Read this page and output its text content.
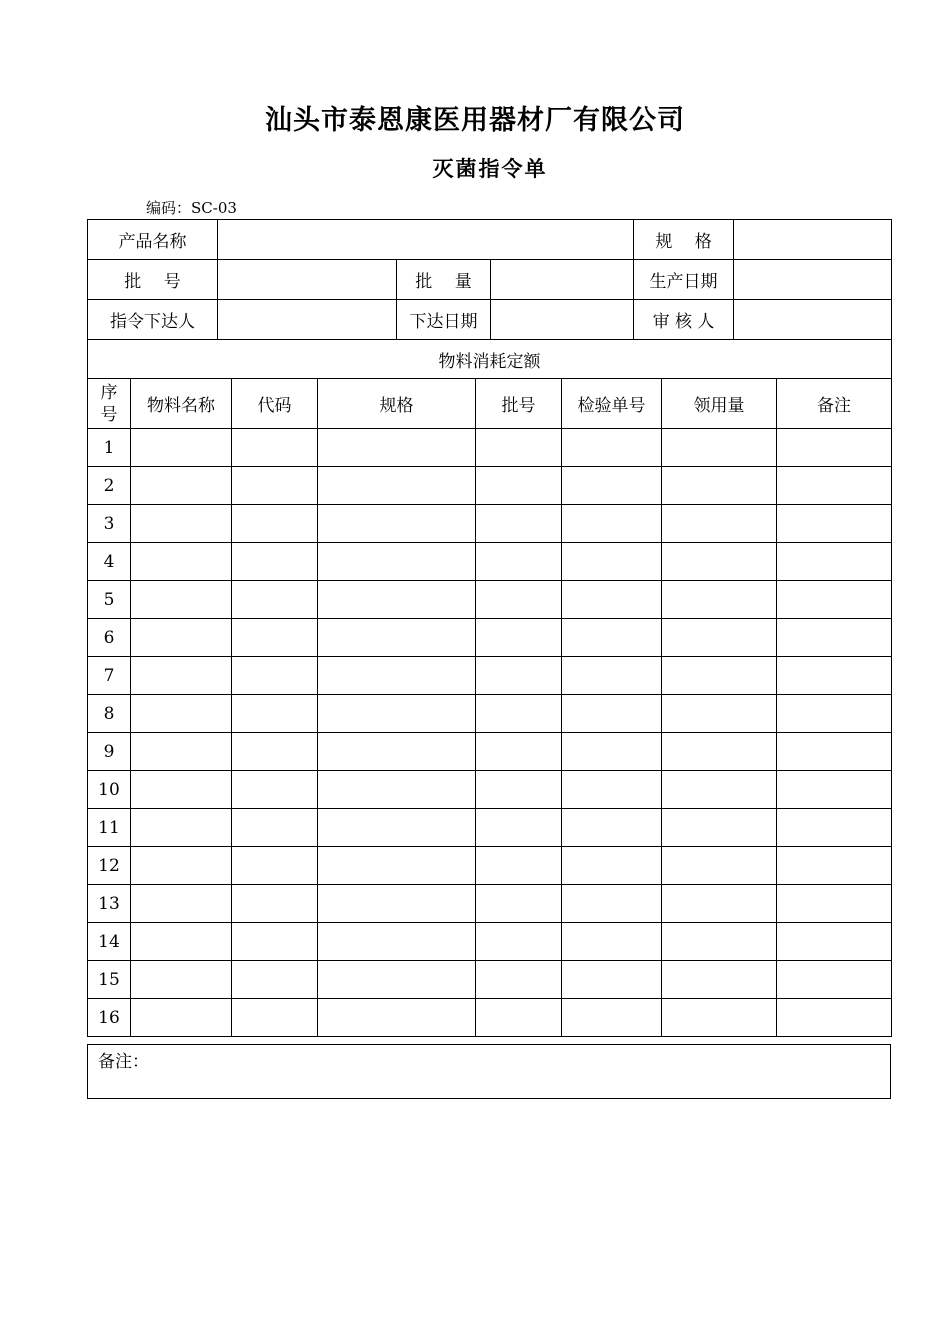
汕头市泰恩康医用器材厂有限公司
灭菌指令单
编码：SC-03
产品名称				规　 格	
批　 号		批　 量		生产日期	
指令下达人		下达日期		审 核 人	
物料消耗定额							
序
号	物料名称	代码	规格	批号	检验单号	领用量	备注
1							
2							
3							
4							
5							
6							
7							
8							
9							
10							
11							
12							
13							
14							
15							
16							
备注：
